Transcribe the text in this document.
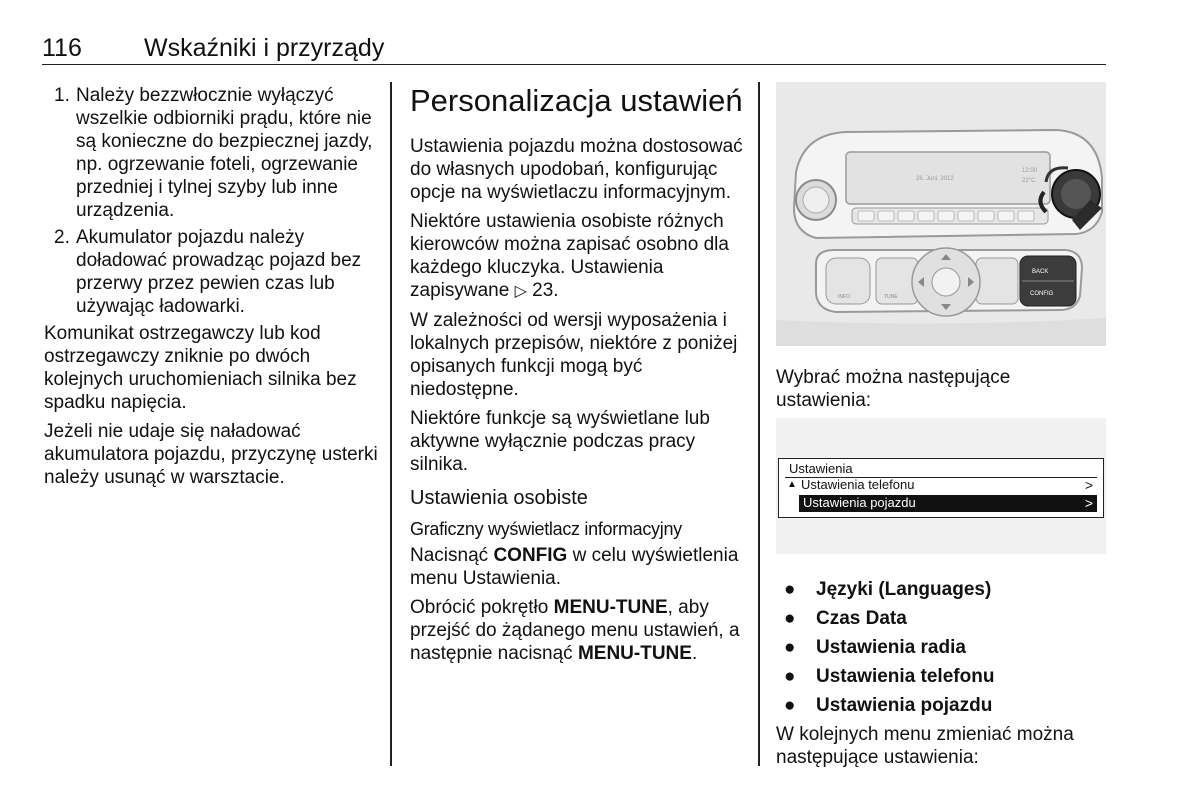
116 Wskaźniki i przyrządy
1. Należy bezzwłocznie wyłączyć wszelkie odbiorniki prądu, które nie są konieczne do bezpiecznej jazdy, np. ogrzewanie foteli, ogrzewanie przedniej i tylnej szyby lub inne urządzenia.
2. Akumulator pojazdu należy doładować prowadząc pojazd bez przerwy przez pewien czas lub używając ładowarki.

Komunikat ostrzegawczy lub kod ostrzegawczy zniknie po dwóch kolejnych uruchomieniach silnika bez spadku napięcia.

Jeżeli nie udaje się naładować akumulatora pojazdu, przyczynę usterki należy usunąć w warsztacie.

Personalizacja ustawień

Ustawienia pojazdu można dostosować do własnych upodobań, konfigurując opcje na wyświetlaczu informacyjnym.

Niektóre ustawienia osobiste różnych kierowców można zapisać osobno dla każdego kluczyka. Ustawienia zapisywane ▷ 23.

W zależności od wersji wyposażenia i lokalnych przepisów, niektóre z poniżej opisanych funkcji mogą być niedostępne.

Niektóre funkcje są wyświetlane lub aktywne wyłącznie podczas pracy silnika.

Ustawienia osobiste
Graficzny wyświetlacz informacyjny

Nacisnąć CONFIG w celu wyświetlenia menu Ustawienia.

Obrócić pokrętło MENU-TUNE, aby przejść do żądanego menu ustawień, a następnie nacisnąć MENU-TUNE.

26. Juni. 2012
12:00
22°C
BACK
CONFIG
TUNE
INFO

Wybrać można następujące ustawienia:

Ustawienia
▲ Ustawienia telefonu	>
Ustawienia pojazdu	>
● Języki (Languages)
● Czas Data
● Ustawienia radia
● Ustawienia telefonu
● Ustawienia pojazdu

W kolejnych menu zmieniać można następujące ustawienia:
